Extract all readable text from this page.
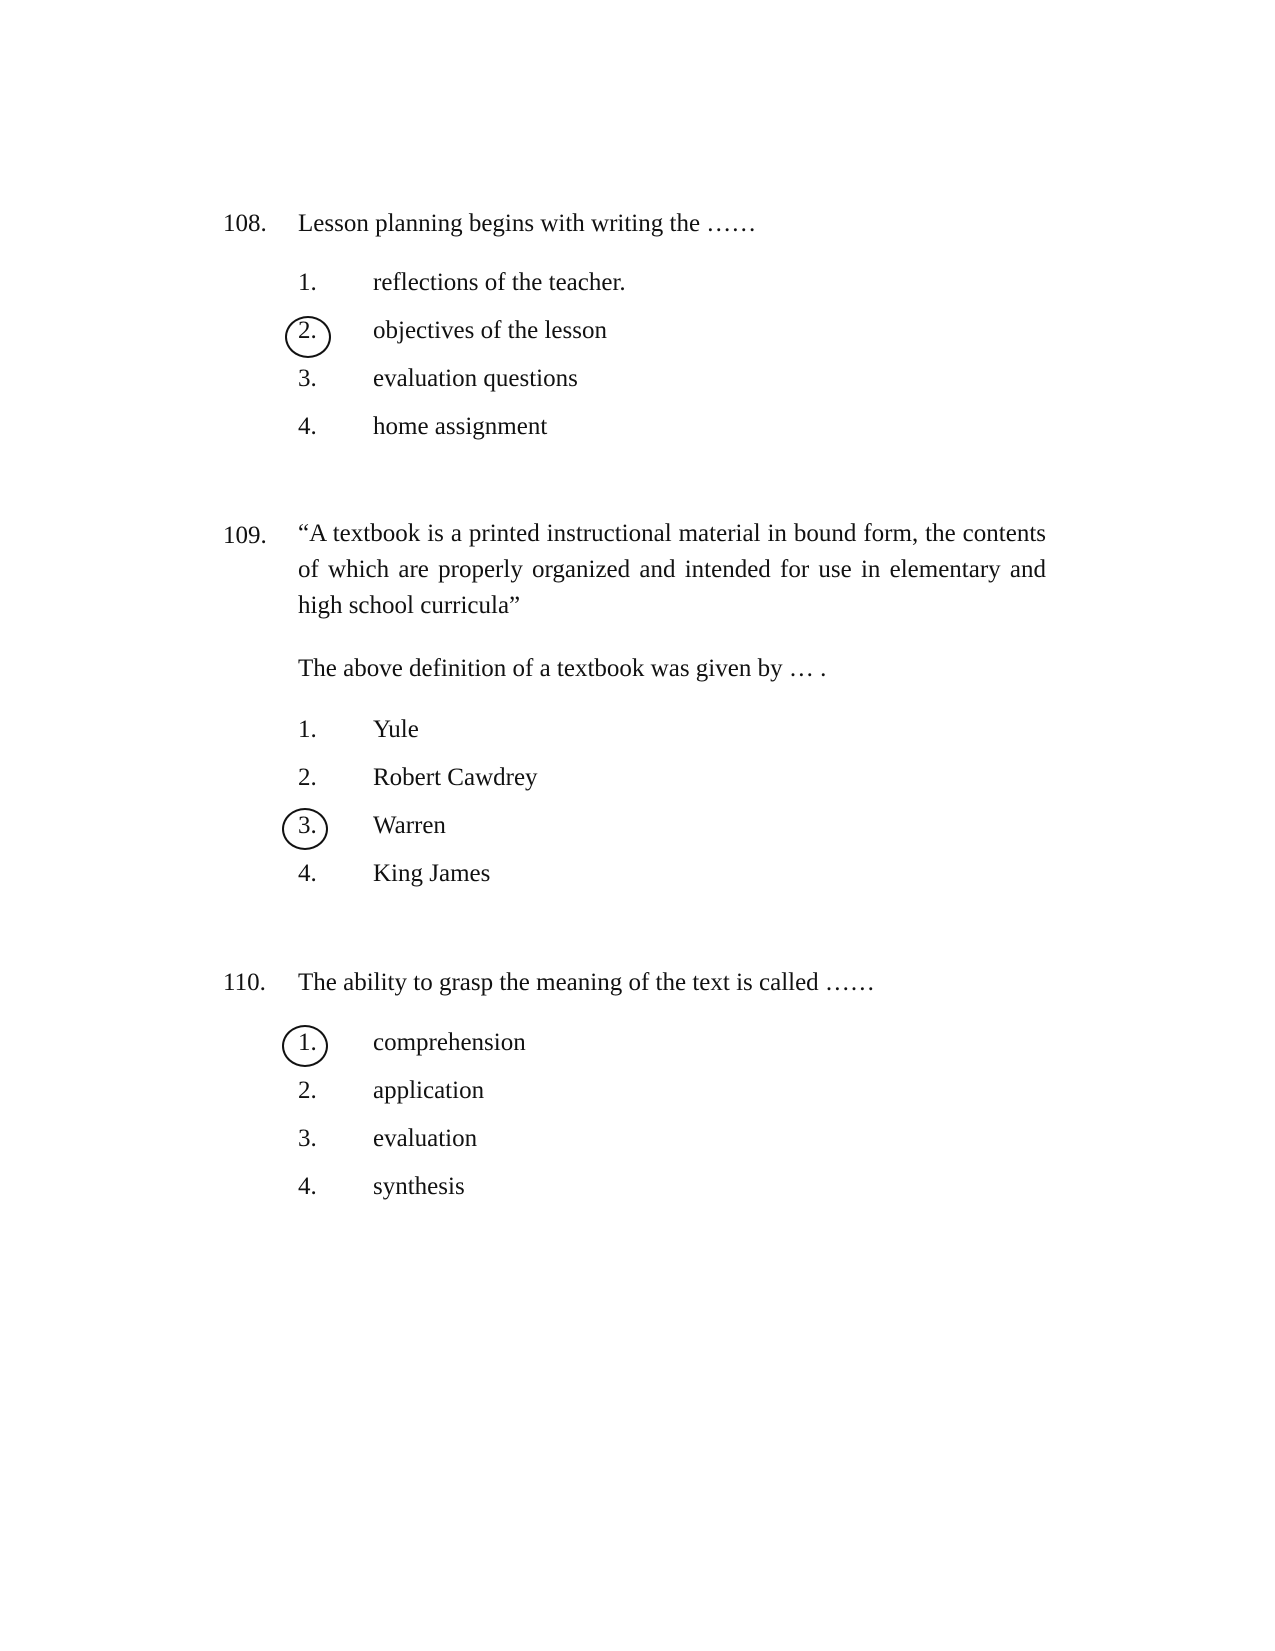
108. Lesson planning begins with writing the ……
1. reflections of the teacher.
2. objectives of the lesson
3. evaluation questions
4. home assignment
109. “A textbook is a printed instructional material in bound form, the contents of which are properly organized and intended for use in elementary and high school curricula”
The above definition of a textbook was given by … .
1. Yule
2. Robert Cawdrey
3. Warren
4. King James
110. The ability to grasp the meaning of the text is called ……
1. comprehension
2. application
3. evaluation
4. synthesis
